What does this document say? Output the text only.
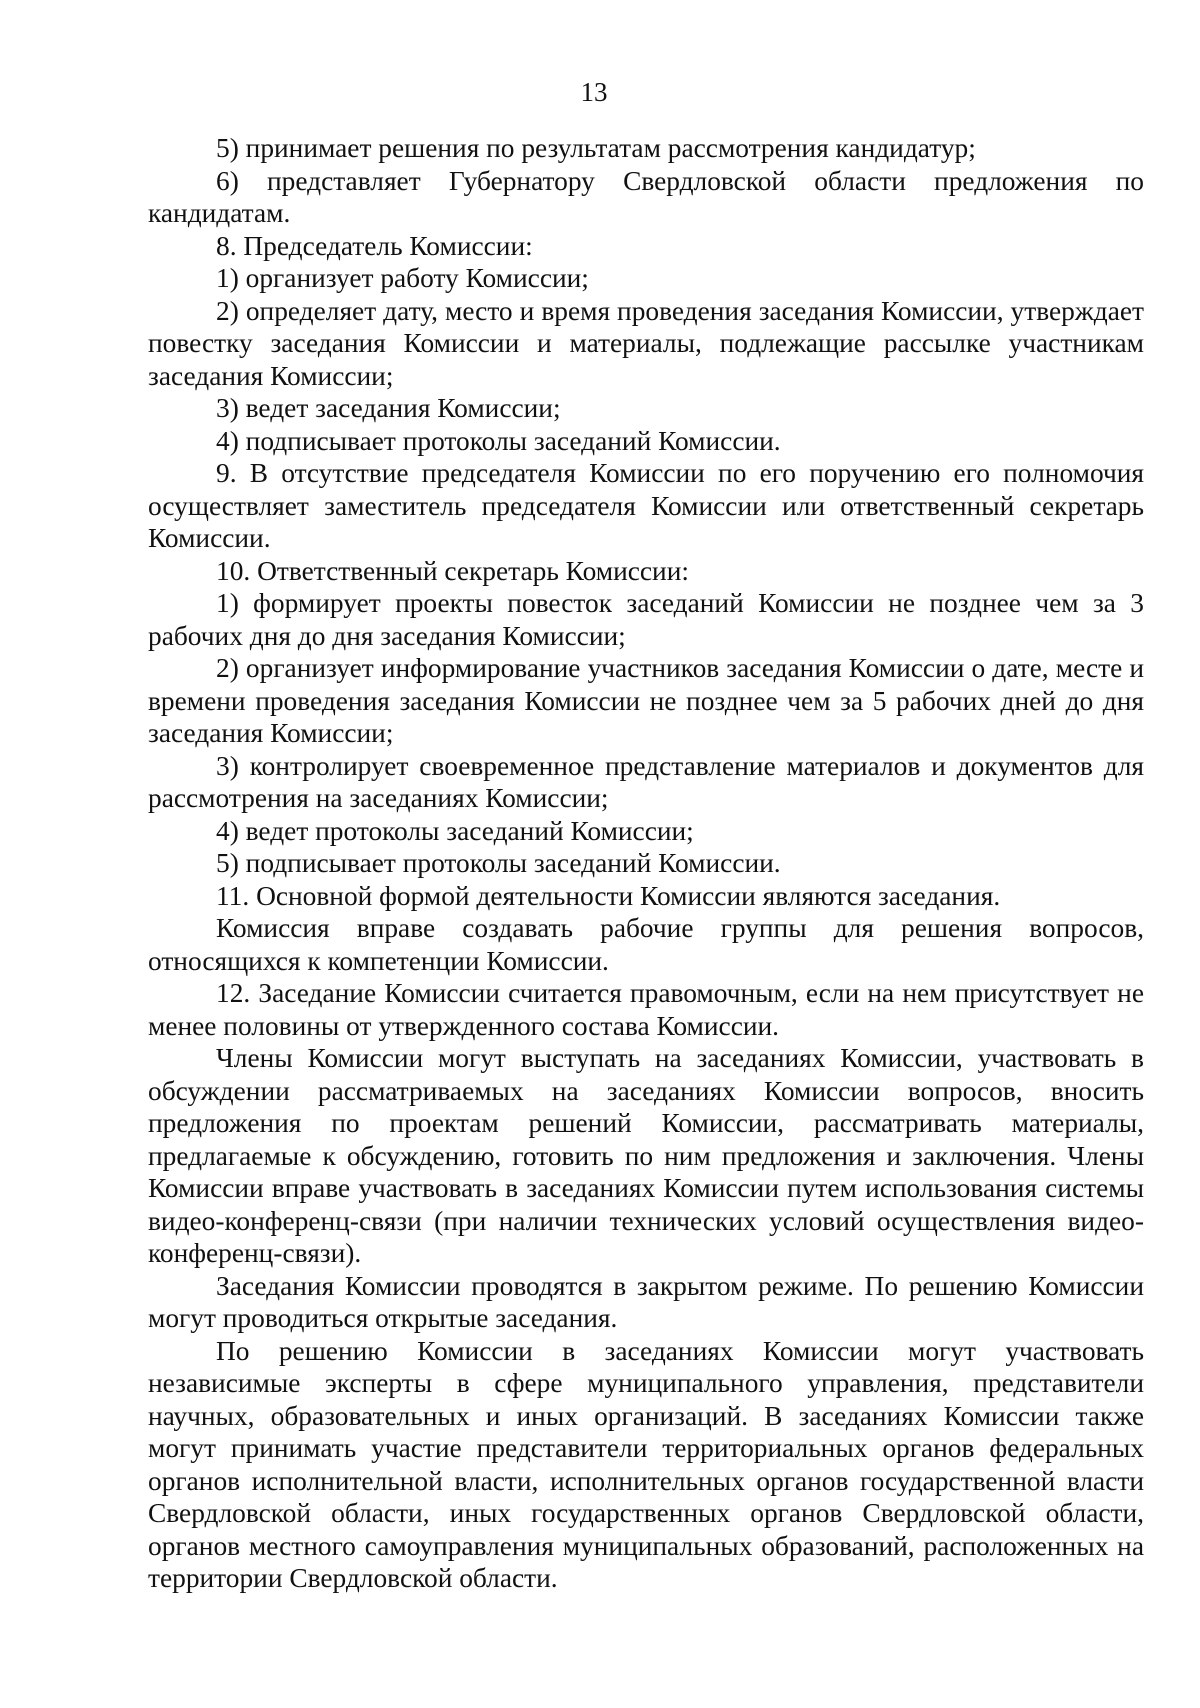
13

5) принимает решения по результатам рассмотрения кандидатур;

6) представляет Губернатору Свердловской области предложения по кандидатам.

8. Председатель Комиссии:

1) организует работу Комиссии;

2) определяет дату, место и время проведения заседания Комиссии, утверждает повестку заседания Комиссии и материалы, подлежащие рассылке участникам заседания Комиссии;

3) ведет заседания Комиссии;

4) подписывает протоколы заседаний Комиссии.

9. В отсутствие председателя Комиссии по его поручению его полномочия осуществляет заместитель председателя Комиссии или ответственный секретарь Комиссии.

10. Ответственный секретарь Комиссии:

1) формирует проекты повесток заседаний Комиссии не позднее чем за 3 рабочих дня до дня заседания Комиссии;

2) организует информирование участников заседания Комиссии о дате, месте и времени проведения заседания Комиссии не позднее чем за 5 рабочих дней до дня заседания Комиссии;

3) контролирует своевременное представление материалов и документов для рассмотрения на заседаниях Комиссии;

4) ведет протоколы заседаний Комиссии;

5) подписывает протоколы заседаний Комиссии.

11. Основной формой деятельности Комиссии являются заседания.

Комиссия вправе создавать рабочие группы для решения вопросов, относящихся к компетенции Комиссии.

12. Заседание Комиссии считается правомочным, если на нем присутствует не менее половины от утвержденного состава Комиссии.

Члены Комиссии могут выступать на заседаниях Комиссии, участвовать в обсуждении рассматриваемых на заседаниях Комиссии вопросов, вносить предложения по проектам решений Комиссии, рассматривать материалы, предлагаемые к обсуждению, готовить по ним предложения и заключения. Члены Комиссии вправе участвовать в заседаниях Комиссии путем использования системы видео-конференц-связи (при наличии технических условий осуществления видео-конференц-связи).

Заседания Комиссии проводятся в закрытом режиме. По решению Комиссии могут проводиться открытые заседания.

По решению Комиссии в заседаниях Комиссии могут участвовать независимые эксперты в сфере муниципального управления, представители научных, образовательных и иных организаций. В заседаниях Комиссии также могут принимать участие представители территориальных органов федеральных органов исполнительной власти, исполнительных органов государственной власти Свердловской области, иных государственных органов Свердловской области, органов местного самоуправления муниципальных образований, расположенных на территории Свердловской области.
